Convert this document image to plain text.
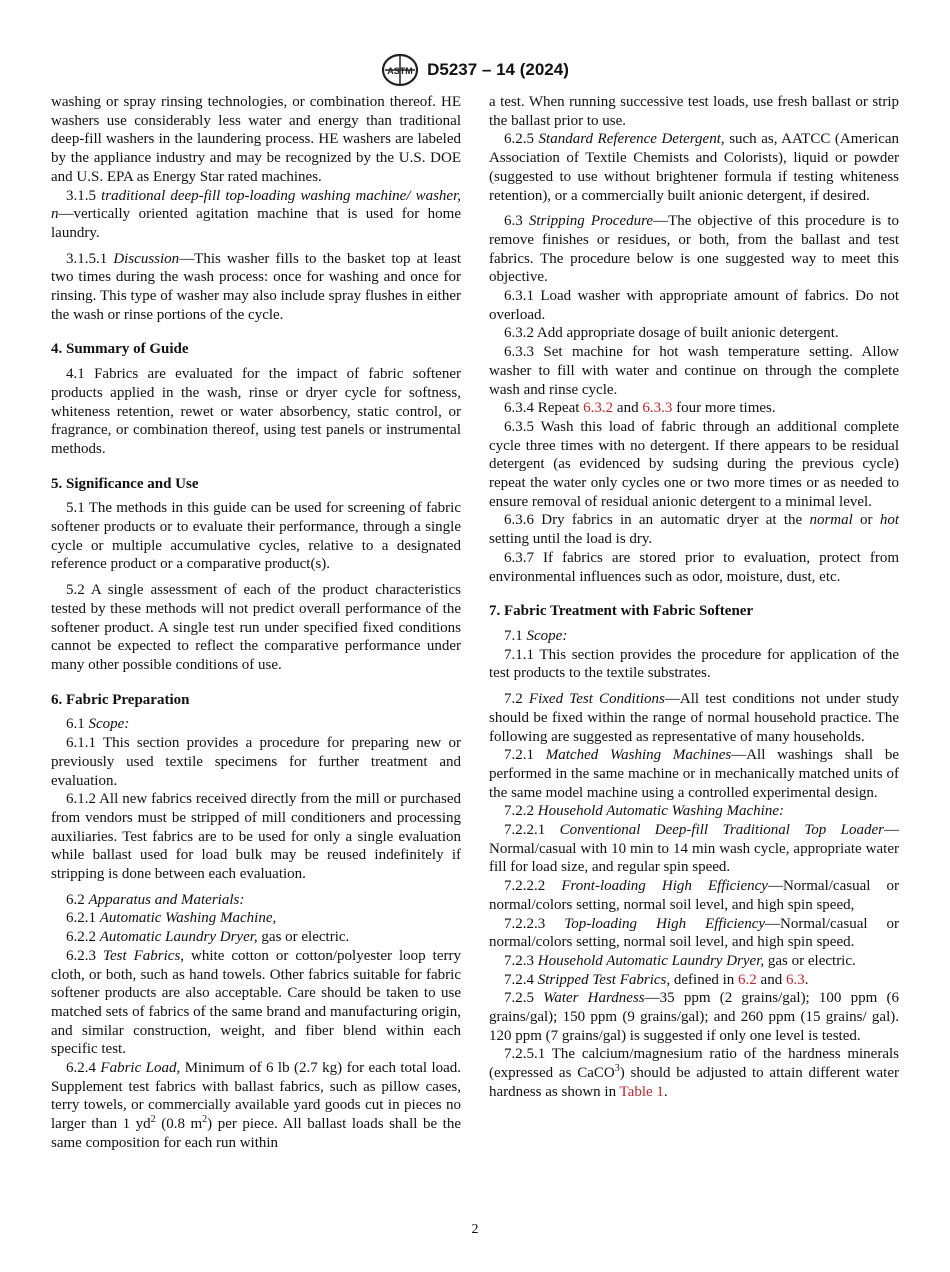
ASTM D5237 – 14 (2024)

washing or spray rinsing technologies, or combination thereof. HE washers use considerably less water and energy than traditional deep-fill washers in the laundering process. HE washers are labeled by the appliance industry and may be recognized by the U.S. DOE and U.S. EPA as Energy Star rated machines.

3.1.5 traditional deep-fill top-loading washing machine/ washer, n—vertically oriented agitation machine that is used for home laundry.

3.1.5.1 Discussion—This washer fills to the basket top at least two times during the wash process: once for washing and once for rinsing. This type of washer may also include spray flushes in either the wash or rinse portions of the cycle.

4. Summary of Guide

4.1 Fabrics are evaluated for the impact of fabric softener products applied in the wash, rinse or dryer cycle for softness, whiteness retention, rewet or water absorbency, static control, or fragrance, or combination thereof, using test panels or instrumental methods.

5. Significance and Use

5.1 The methods in this guide can be used for screening of fabric softener products or to evaluate their performance, through a single cycle or multiple accumulative cycles, relative to a designated reference product or a comparative product(s).

5.2 A single assessment of each of the product characteristics tested by these methods will not predict overall performance of the softener product. A single test run under specified fixed conditions cannot be expected to reflect the comparative performance under many other possible conditions of use.

6. Fabric Preparation

6.1 Scope:

6.1.1 This section provides a procedure for preparing new or previously used textile specimens for further treatment and evaluation.

6.1.2 All new fabrics received directly from the mill or purchased from vendors must be stripped of mill conditioners and processing auxiliaries. Test fabrics are to be used for only a single evaluation while ballast used for load bulk may be reused indefinitely if stripping is done between each evaluation.

6.2 Apparatus and Materials:

6.2.1 Automatic Washing Machine,

6.2.2 Automatic Laundry Dryer, gas or electric.

6.2.3 Test Fabrics, white cotton or cotton/polyester loop terry cloth, or both, such as hand towels. Other fabrics suitable for fabric softener products are also acceptable. Care should be taken to use matched sets of fabrics of the same brand and manufacturing origin, and similar construction, weight, and fiber blend within each specific test.

6.2.4 Fabric Load, Minimum of 6 lb (2.7 kg) for each total load. Supplement test fabrics with ballast fabrics, such as pillow cases, terry towels, or commercially available yard goods cut in pieces no larger than 1 $yd^2$ (0.8 $m^2$) per piece. All ballast loads shall be the same composition for each run within

a test. When running successive test loads, use fresh ballast or strip the ballast prior to use.

6.2.5 Standard Reference Detergent, such as, AATCC (American Association of Textile Chemists and Colorists), liquid or powder (suggested to use without brightener formula if testing whiteness retention), or a commercially built anionic detergent, if desired.

6.3 Stripping Procedure—The objective of this procedure is to remove finishes or residues, or both, from the ballast and test fabrics. The procedure below is one suggested way to meet this objective.

6.3.1 Load washer with appropriate amount of fabrics. Do not overload.

6.3.2 Add appropriate dosage of built anionic detergent.

6.3.3 Set machine for hot wash temperature setting. Allow washer to fill with water and continue on through the complete wash and rinse cycle.

6.3.4 Repeat 6.3.2 and 6.3.3 four more times.

6.3.5 Wash this load of fabric through an additional complete cycle three times with no detergent. If there appears to be residual detergent (as evidenced by sudsing during the previous cycle) repeat the water only cycles one or two more times or as needed to ensure removal of residual anionic detergent to a minimal level.

6.3.6 Dry fabrics in an automatic dryer at the normal or hot setting until the load is dry.

6.3.7 If fabrics are stored prior to evaluation, protect from environmental influences such as odor, moisture, dust, etc.

7. Fabric Treatment with Fabric Softener

7.1 Scope:

7.1.1 This section provides the procedure for application of the test products to the textile substrates.

7.2 Fixed Test Conditions—All test conditions not under study should be fixed within the range of normal household practice. The following are suggested as representative of many households.

7.2.1 Matched Washing Machines—All washings shall be performed in the same machine or in mechanically matched units of the same model machine using a controlled experimental design.

7.2.2 Household Automatic Washing Machine:

7.2.2.1 Conventional Deep-fill Traditional Top Loader—Normal/casual with 10 min to 14 min wash cycle, appropriate water fill for load size, and regular spin speed.

7.2.2.2 Front-loading High Efficiency—Normal/casual or normal/colors setting, normal soil level, and high spin speed,

7.2.2.3 Top-loading High Efficiency—Normal/casual or normal/colors setting, normal soil level, and high spin speed.

7.2.3 Household Automatic Laundry Dryer, gas or electric.

7.2.4 Stripped Test Fabrics, defined in 6.2 and 6.3.

7.2.5 Water Hardness—35 ppm (2 grains/gal); 100 ppm (6 grains/gal); 150 ppm (9 grains/gal); and 260 ppm (15 grains/ gal). 120 ppm (7 grains/gal) is suggested if only one level is tested.

7.2.5.1 The calcium/magnesium ratio of the hardness minerals (expressed as CaCO$^3$) should be adjusted to attain different water hardness as shown in Table 1.

2
